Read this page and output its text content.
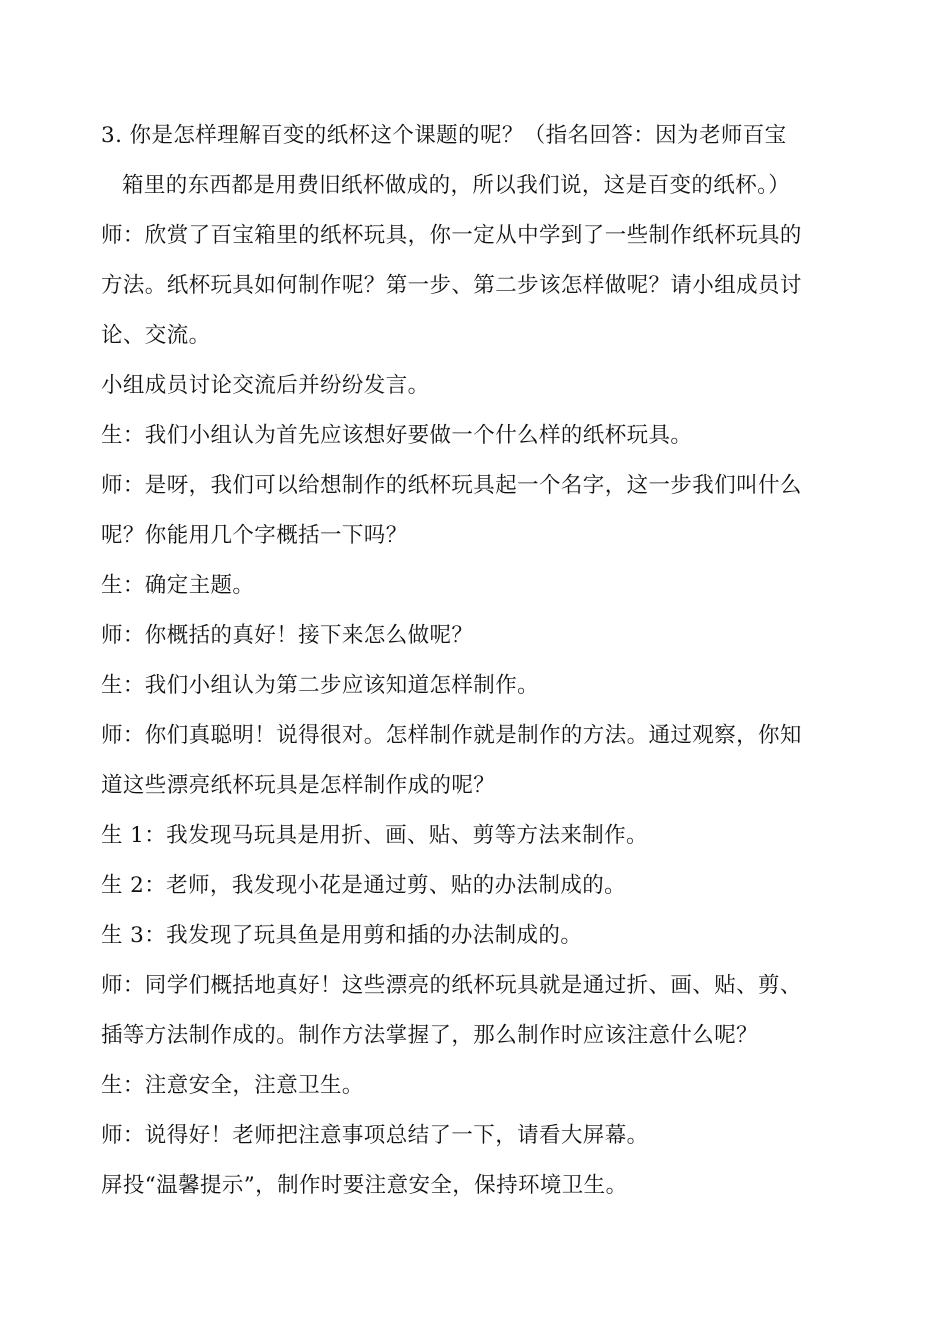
3. 你是怎样理解百变的纸杯这个课题的呢？（指名回答：因为老师百宝
箱里的东西都是用费旧纸杯做成的，所以我们说，这是百变的纸杯。）
师：欣赏了百宝箱里的纸杯玩具，你一定从中学到了一些制作纸杯玩具的
方法。纸杯玩具如何制作呢？第一步、第二步该怎样做呢？请小组成员讨
论、交流。
小组成员讨论交流后并纷纷发言。
生：我们小组认为首先应该想好要做一个什么样的纸杯玩具。
师：是呀，我们可以给想制作的纸杯玩具起一个名字，这一步我们叫什么
呢？你能用几个字概括一下吗？
生：确定主题。
师：你概括的真好！接下来怎么做呢？
生：我们小组认为第二步应该知道怎样制作。
师：你们真聪明！说得很对。怎样制作就是制作的方法。通过观察，你知
道这些漂亮纸杯玩具是怎样制作成的呢？
生 1：我发现马玩具是用折、画、贴、剪等方法来制作。
生 2：老师，我发现小花是通过剪、贴的办法制成的。
生 3：我发现了玩具鱼是用剪和插的办法制成的。
师：同学们概括地真好！这些漂亮的纸杯玩具就是通过折、画、贴、剪、
插等方法制作成的。制作方法掌握了，那么制作时应该注意什么呢？
生：注意安全，注意卫生。
师：说得好！老师把注意事项总结了一下，请看大屏幕。
屏投“温馨提示”，制作时要注意安全，保持环境卫生。
